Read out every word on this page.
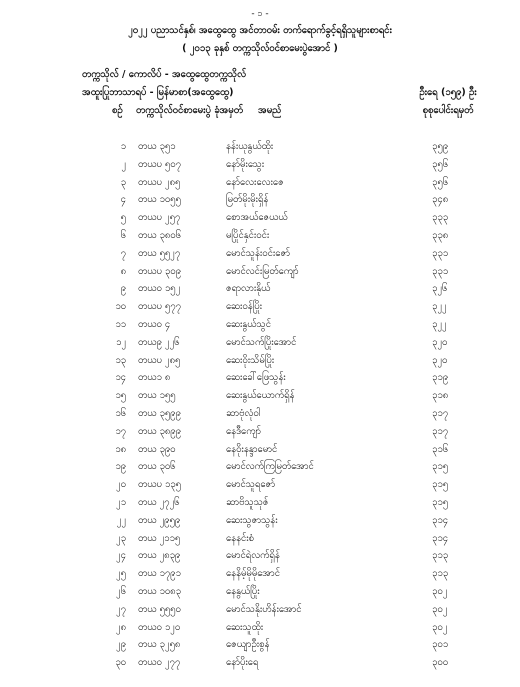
- ၁ -
၂၀၂၂ ပညာသင်နှစ်၊ အထွေထွေ အင်တာဝမ်း တက်ရောက်ခွင့်ရရှိသူများစာရင်း
( ၂၀၁၃ ခုနှစ် တက္ကသိုလ်ဝင်စာမေးပွဲအောင် )
တက္ကသိုလ် / ကောလိပ် - အထွေထွေတက္ကသိုလ်
အထူးပြုဘာသာရပ် - မြန်မာစာ(အထွေထွေ)	ဦးရေ (၁၅၉) ဦး
စဉ် တက္ကသိုလ်ဝင်စာမေးပွဲ ခုံအမှတ် အမည်	စုစုပေါင်းရမှတ်
၁ တယ ၃၅၁	နန်းယုနွယ်ထိုး	၃၅၉
၂ တယပ ၅၀၇	နော်မိုးသွေး	၃၅၆
၃ တယပ ၂၈၅	နော်လေးလေးဇေ	၃၅၆
၄ တယ ၁၀၅၅	မြတ်မိုးမိုးရှိန်	၃၄၈
၅ တယပ ၂၅၇	စောအယ်ဇေယယ်	၃၃၃
၆ တယ ၃၈၀၆	မပြိုင်နှင်းဝင်း	၃၃၈
၇ တယ ၅၅၂၇	မောင်သူန်းဝင်းဇော်	၃၃၁
၈ တယပ ၃၀၉	မောင်လင်းမြတ်ကျော်	၃၃၁
၉ တယဝ ၁၅၂	ဇရာလားနိုယ်	၃၂၆
၁၀ တယပ ၅၇၇	ဆေးဝန်ပြိုး	၃၂၂
၁၁ တယဝ ၄	ဆေးနွယ်သွင်	၃၂၂
၁၂ တယ၉ ၂၂၆	မောင်သက်ပြိုးအောင်	၃၂၀
၁၃ တယပ ၂၈၅	ဆေးဝိုးသိမ်ပြိုး	၃၂၀
၁၄ တယ၁ ၈	ဆေးခေါ်ဖြေသွန်း	၃၁၉
၁၅ တယ ၁၅၅	ဆေးနွယ်ယောက်ရှိန်	၃၁၈
၁၆ တယ ၃၅၉၉	ဆာဗုံလုံဝါ	၃၁၇
၁၇ တယ ၃၈၉၉	နေဒီကျော်	၃၁၇
၁၈ တယ ၃၉၀	နေဝိုးနန္ဒာမောင်	၃၁၆
၁၉ တယ ၃၀၆	မောင်လက်ကြမြတ်အောင်	၃၁၅
၂၀ တယပ ၁၃၅	မောင်သူရဇော်	၃၁၅
၂၁ တယ ၂၇၂၆	ဆာဗိသူသုဇ်	၃၁၅
၂၂ တယ ၂၉၅၉	ဆေးသွဇာသွန်း	၃၁၄
၂၃ တယ ၂၁၁၅	နေနင်းစံ	၃၁၄
၂၄ တယ ၂၈၃၉	မောင်ရဲလက်ရှိန်	၃၁၃
၂၅ တယ ၁၇၉၁	နေနိမ့်မိုမိုအောင်	၃၁၃
၂၆ တယ ၁၀၈၃	နေနွယ်ပြိုး	၃၀၂
၂၇ တယ ၅၅၅၀	မောင်သနိုးဟိန်းအောင်	၃၀၂
၂၈ တယဝ ၁၂၀	ဆေးသူထိုး	၃၀၂
၂၉ တယ ၃၂၅၈	ဇေယျာဦးစွန်	၃၀၁
၃၀ တယဝ ၂၇၇	နော်ပိုးရေ	၃၀၀
